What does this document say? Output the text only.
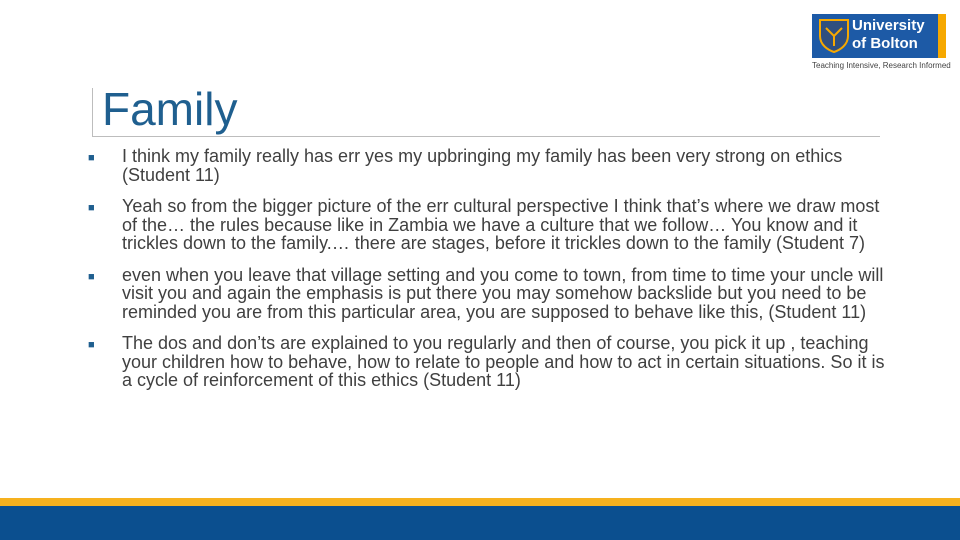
University
of Bolton
Teaching Intensive, Research Informed
Family
■ I think my family really has err yes my upbringing my family has been very strong on ethics (Student 11)
■ Yeah so from the bigger picture of the err cultural perspective I think that’s where we draw most of the… the rules because like in Zambia we have a culture that we follow… You know and it trickles down to the family.… there are stages, before it trickles down to the family (Student 7)
■ even when you leave that village setting and you come to town, from time to time your uncle will visit you and again the emphasis is put there you may somehow backslide but you need to be reminded you are from this particular area, you are supposed to behave like this, (Student 11)
■ The dos and don’ts are explained to you regularly and then of course, you pick it up , teaching your children how to behave, how to relate to people and how to act in certain situations. So it is a cycle of reinforcement of this ethics (Student 11)
